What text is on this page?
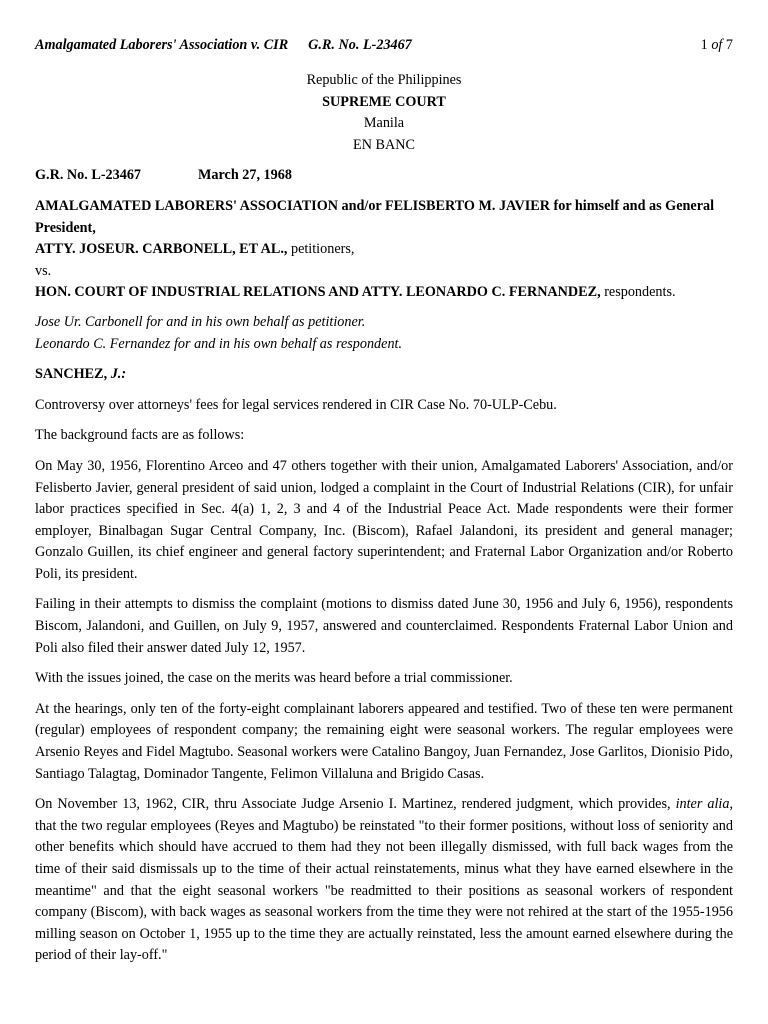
Amalgamated Laborers' Association v. CIR G.R. No. L-23467	1 of 7

Republic of the Philippines

SUPREME COURT

Manila

EN BANC

G.R. No. L-23467	March 27, 1968

AMALGAMATED LABORERS' ASSOCIATION and/or FELISBERTO M. JAVIER for himself and as General President,

ATTY. JOSEUR. CARBONELL, ET AL., petitioners,

vs.

HON. COURT OF INDUSTRIAL RELATIONS AND ATTY. LEONARDO C. FERNANDEZ, respondents.

Jose Ur. Carbonell for and in his own behalf as petitioner.

Leonardo C. Fernandez for and in his own behalf as respondent.

SANCHEZ, J.:

Controversy over attorneys' fees for legal services rendered in CIR Case No. 70-ULP-Cebu.

The background facts are as follows:

On May 30, 1956, Florentino Arceo and 47 others together with their union, Amalgamated Laborers' Association, and/or Felisberto Javier, general president of said union, lodged a complaint in the Court of Industrial Relations (CIR), for unfair labor practices specified in Sec. 4(a) 1, 2, 3 and 4 of the Industrial Peace Act. Made respondents were their former employer, Binalbagan Sugar Central Company, Inc. (Biscom), Rafael Jalandoni, its president and general manager; Gonzalo Guillen, its chief engineer and general factory superintendent; and Fraternal Labor Organization and/or Roberto Poli, its president.

Failing in their attempts to dismiss the complaint (motions to dismiss dated June 30, 1956 and July 6, 1956), respondents Biscom, Jalandoni, and Guillen, on July 9, 1957, answered and counterclaimed. Respondents Fraternal Labor Union and Poli also filed their answer dated July 12, 1957.

With the issues joined, the case on the merits was heard before a trial commissioner.

At the hearings, only ten of the forty-eight complainant laborers appeared and testified. Two of these ten were permanent (regular) employees of respondent company; the remaining eight were seasonal workers. The regular employees were Arsenio Reyes and Fidel Magtubo. Seasonal workers were Catalino Bangoy, Juan Fernandez, Jose Garlitos, Dionisio Pido, Santiago Talagtag, Dominador Tangente, Felimon Villaluna and Brigido Casas.

On November 13, 1962, CIR, thru Associate Judge Arsenio I. Martinez, rendered judgment, which provides, inter alia, that the two regular employees (Reyes and Magtubo) be reinstated "to their former positions, without loss of seniority and other benefits which should have accrued to them had they not been illegally dismissed, with full back wages from the time of their said dismissals up to the time of their actual reinstatements, minus what they have earned elsewhere in the meantime" and that the eight seasonal workers "be readmitted to their positions as seasonal workers of respondent company (Biscom), with back wages as seasonal workers from the time they were not rehired at the start of the 1955-1956 milling season on October 1, 1955 up to the time they are actually reinstated, less the amount earned elsewhere during the period of their lay-off."
